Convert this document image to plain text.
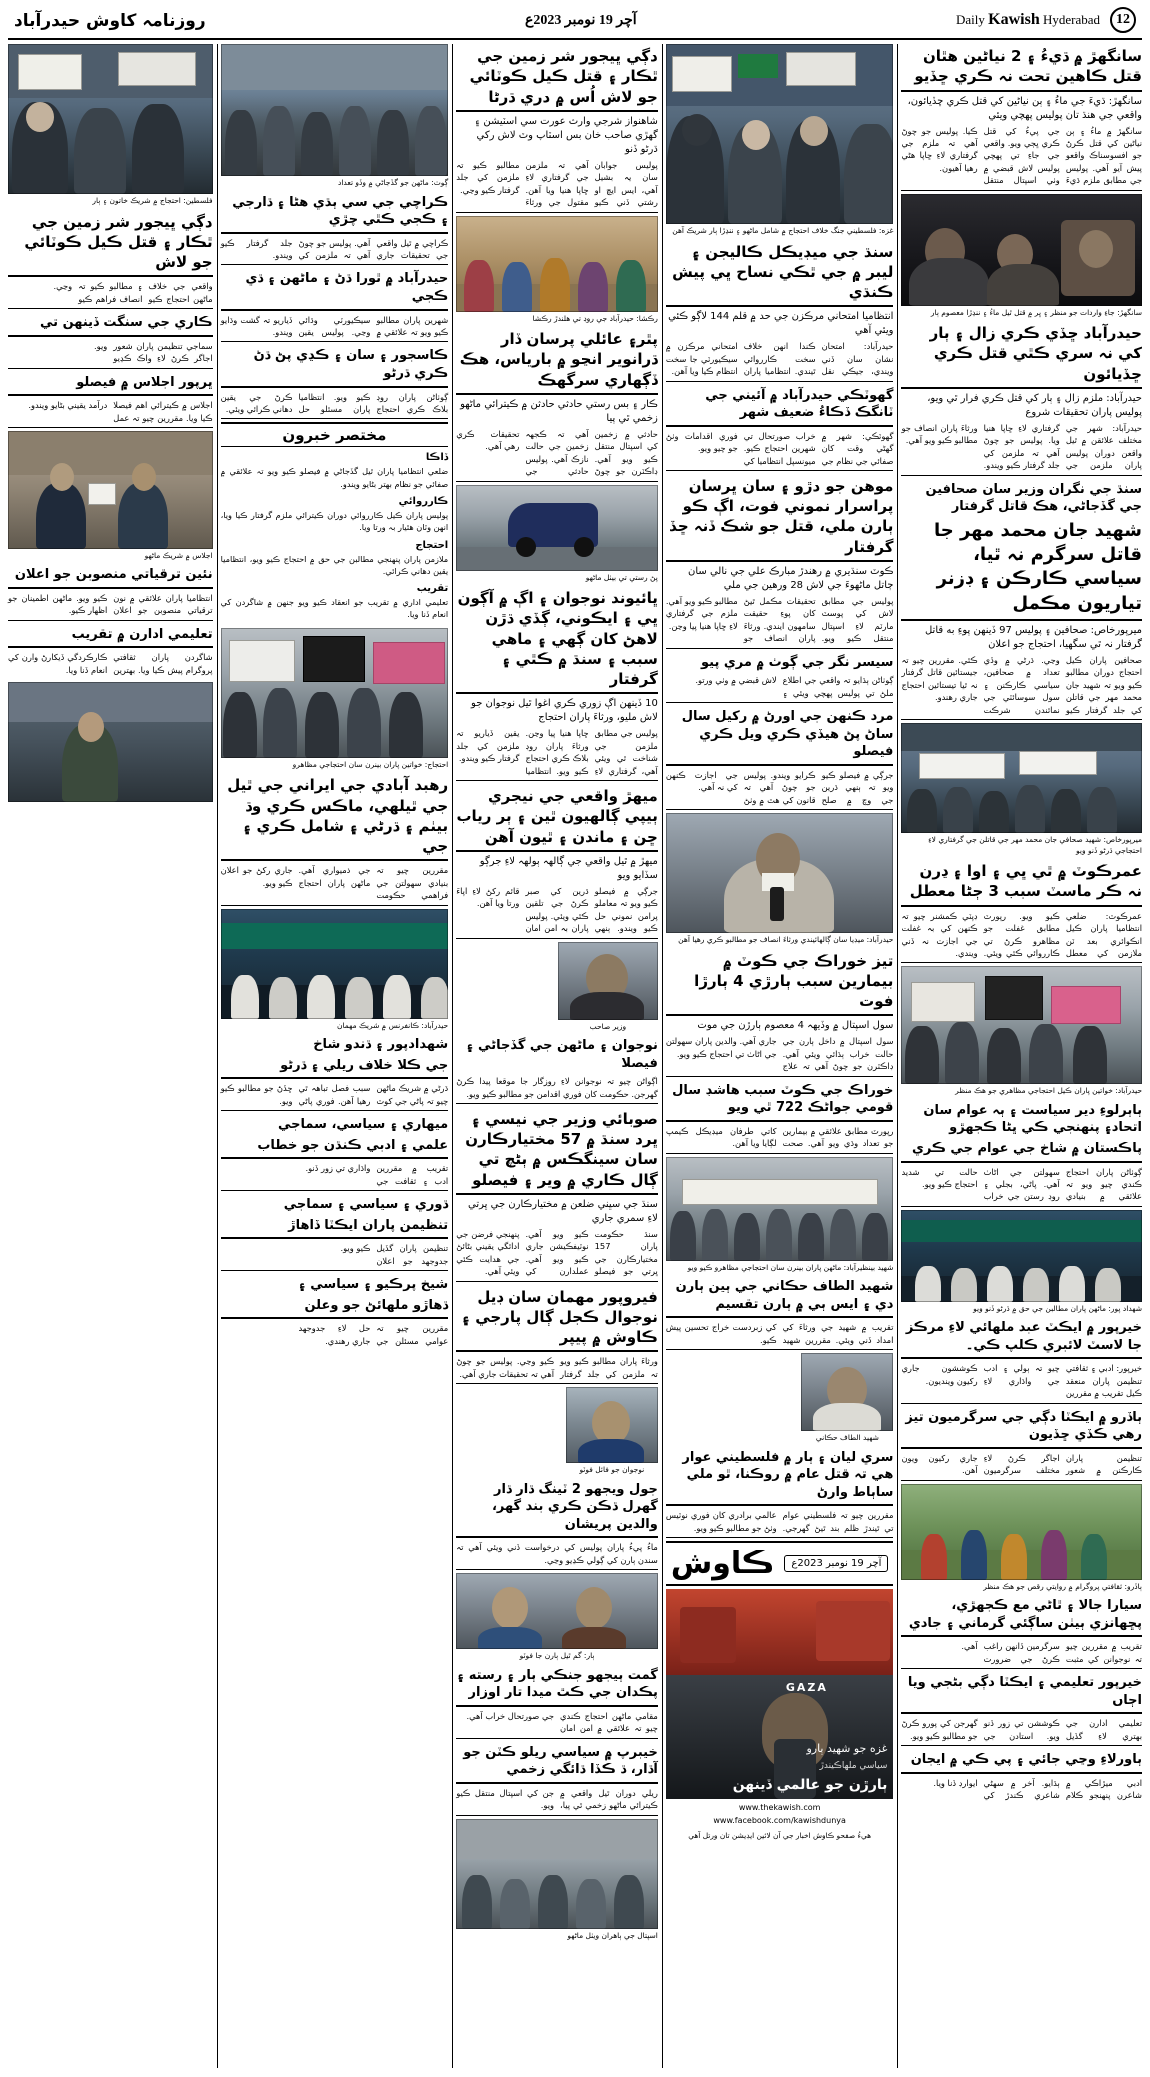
12
Daily Kawish Hyderabad
آچر 19 نومبر 2023ع
روزنامہ کاوش حيدرآباد
سانگھڙ ۾ ڌيءُ ۽ 2 نياڻين هٿان قتل ڪاهين تحت نہ ڪري ڇڏيو

سانگھڙ: ڌيءَ جي ماءُ ۽ ٻن نياڻين کي قتل ڪري ڇڏيائون، واقعي جي هنڌ تان پوليس پهچي ويئي

سانگھڙ ۾ ماءُ ۽ ٻن نياڻين کي قتل ڪرڻ جو افسوسناڪ واقعو پيش آيو آهي. پوليس جي مطابق ملزم ڌيءَ جي پيءُ کي قتل ڪري ڀڄي ويو. واقعي جي جاءِ تي پهچي پوليس لاش قبضي ۾ وٺي اسپتال منتقل ڪيا. پوليس جو چوڻ آهي تہ ملزم جي گرفتاري لاءِ ڇاپا هڻي رهيا آهيون.

سانگھڙ: جاءِ واردات جو منظر ۽ ڀر ۾ قتل ٿيل ماءُ ۽ ننڍڙا معصوم ٻار
حيدرآباد ڇڏي ڪري زال ۽ ٻار کي نہ سري ڪٿي قتل ڪري ڇڏيائون

حيدرآباد: ملزم زال ۽ ٻار کي قتل ڪري فرار ٿي ويو، پوليس پاران تحقيقات شروع

حيدرآباد: شهر جي مختلف علائقن ۾ ٿيل واقعن دوران پوليس پاران ملزمن جي گرفتاري لاءِ ڇاپا هنيا ويا. پوليس جو چوڻ آهي تہ ملزمن کي جلد گرفتار ڪيو ويندو. ورثاءَ پاران انصاف جو مطالبو ڪيو ويو آهي.

سنڌ جي نگران وزير سان صحافين جي گڏجاڻي، هڪ قاتل گرفتار
شهيد جان محمد مهر جا قاتل سرگرم نہ ٿيا، سياسي ڪارڪن ۽ ڊزنر تياريون مڪمل

ميرپورخاص: صحافين ۽ پوليس 97 ڏينهن پوءِ به قاتل گرفتار نہ ٿي سگهيا، احتجاج جو اعلان

صحافين پاران ڪيل احتجاج دوران مطالبو ڪيو ويو تہ شهيد جان محمد مهر جي قاتلن کي جلد گرفتار ڪيو وڃي. ڌرڻي ۾ وڏي تعداد ۾ صحافين، سياسي ڪارڪنن ۽ سول سوسائٽي جي نمائندن شرڪت ڪئي. مقررين چيو تہ جيستائين قاتل گرفتار نہ ٿيا تيستائين احتجاج جاري رهندو.

ميرپورخاص: شهيد صحافي جان محمد مهر جي قاتلن جي گرفتاري لاءِ احتجاجي ڌرڻو ڏنو ويو
عمرڪوٽ ۾ ٿي ڀي ۽ اوا ۽ ڍرن نہ ڪر ماسٽ سبب 3 ڄڻا معطل

عمرڪوٽ: ضلعي انتظاميا پاران ڪيل انڪوائري بعد ٽن ملازمن کي معطل ڪيو ويو. رپورٽ مطابق غفلت جو مظاهرو ڪرڻ تي ڪارروائي ڪئي ويئي. ڊپٽي ڪمشنر چيو تہ ڪنهن کي بہ غفلت جي اجازت نہ ڏني ويندي.

حيدرآباد: خواتين پاران ڪيل احتجاجي مظاهري جو هڪ منظر
ٻاٻرلوءِ دير سياست ۽ ٻہ عوام سان اتحاد۽ پنهنجي ڪي ڀڻا ڪجهڙو
پاڪستان ۾ شاخ جي عوام جي ڪري

ڳوٺاڻن پاران احتجاج ڪندي چيو ويو تہ علائقي ۾ بنيادي سهولتن جي اڻاٺ آهي. پاڻي، بجلي ۽ روڊ رستن جي خراب حالت تي شديد احتجاج ڪيو ويو.

شهداد پور: ماڻهن پاران مطالبن جي حق ۾ ڌرڻو ڏنو ويو
خيرپور ۾ ايڪٽ عبد ملهائي لاءِ مرڪز جا لاسٽ لائبري ڪلپ ڪي۔

خيرپور: ادبي ۽ ثقافتي تنظيمن پاران منعقد ڪيل تقريب ۾ مقررين چيو تہ ٻولي ۽ ادب جي واڌاري لاءِ ڪوششون جاري رکيون وينديون.

ٻاڏرو ۾ ايڪٽا دڳي جي سرگرميون تيز رهي ڪڏي ڇڏيون

تنظيمن پاران ڪارڪنن ۾ شعور اجاگر ڪرڻ لاءِ مختلف سرگرميون جاري رکيون ويون آهن.

ٻاڏرو: ثقافتي پروگرام ۾ روايتي رقص جو هڪ منظر
سيارا جالا ۽ ٿاڻي مع ڪجهڙي، پڇهانزي ٻيٺن ساڳئي گرماني ۽ جادي

تقريب ۾ مقررين چيو تہ نوجوانن کي مثبت سرگرمين ڏانهن راغب ڪرڻ جي ضرورت آهي.

خيرپور تعليمي ۽ ايڪٽا دڳي بڻجي ويا اڄاں

تعليمي ادارن جي بهتري لاءِ گڏيل ڪوششن تي زور ڏنو ويو. استادن جي گھرجن کي پورو ڪرڻ جو مطالبو ڪيو ويو.

ٻاورلاءِ وڃي جائي ۽ پي ڪي ۾ ايجان

ادبي ميڙاڪي ۾ شاعرن پنهنجو ڪلام ٻڌايو. آخر ۾ سهڻي شاعري ڪندڙ کي ايوارڊ ڏنا ويا.

غزه: فلسطيني جنگ خلاف احتجاج ۾ شامل ماڻهو ۽ ننڍڙا ٻار شريڪ آهن
سنڌ جي ميڊيڪل ڪاليجن ۽ ليبر ۾ جي ٿڪي نساح ڀي پيش ڪنڌي

انتظاميا امتحاني مرڪزن جي حد ۾ قلم 144 لاڳو ڪئي ويئي آهي

حيدرآباد: امتحان نشان سان ڏني ويندي، جيڪي نقل ڪندا انهن خلاف سخت ڪارروائي ٿيندي. انتظاميا پاران امتحاني مرڪزن ۾ سيڪيورٽي جا سخت انتظام ڪيا ويا آهن.

گهوٽڪي حيدرآباد ۾ آئيني جي ٽانگڪ ڏڪاءُ ضعيف شهر

گهوٽڪي: شهر ۾ گهڻي وقت کان صفائي جي نظام جي خراب صورتحال تي شهرين احتجاج ڪيو. ميونسپل انتظاميا کي فوري اقدامات وٺڻ جو چيو ويو.

موهن جو دڙو ۽ سان ڀرسان پراسرار نموني فوت، اڳ ڪو ٻارن ملي، قتل جو شڪ ڏنہ ڇڏ گرفتار

ڪوٽ سنڌيري ۾ رهندڙ مبارڪ علي جي نالي سان ڄاتل ماڻهوءَ جي لاش 28 ورهين جي ملي

پوليس جي مطابق لاش کي پوسٽ مارٽم لاءِ اسپتال منتقل ڪيو ويو. تحقيقات مڪمل ٿيڻ کان پوءِ حقيقت سامهون ايندي. ورثاءَ پاران انصاف جو مطالبو ڪيو ويو آهي. ملزم جي گرفتاري لاءِ ڇاپا هنيا پيا وڃن.

سيسر نگر جي ڳوٺ ۾ مري پيو

ڳوٺاڻن ٻڌايو تہ واقعي جي اطلاع ملڻ تي پوليس پهچي ويئي ۽ لاش قبضي ۾ وٺي ورتو.

مرد ڪنهن جي اورڻ ۾ رکيل سال ساڻ پڻ هيڏي ڪري ويل ڪري فيصلو

جرڳي ۾ فيصلو ڪيو ويو تہ ٻنهي ڌرين جي وچ ۾ صلح ڪرايو ويندو. پوليس جو چوڻ آهي تہ قانون کي هٿ ۾ وٺڻ جي اجازت ڪنهن کي نہ آهي.

حيدرآباد: ميڊيا سان ڳالهائيندي ورثاءَ انصاف جو مطالبو ڪري رهيا آهن
تيز خوراڪ جي ڪوٽ ۾ بيمارين سبب ٻارڙي 4 ٻارڙا فوت

سول اسپتال ۾ وڏيهہ 4 معصوم ٻارڙن جي موت

سول اسپتال ۾ داخل ٻارن جي حالت خراب ٻڌائي ويئي آهي. ڊاڪٽرن جو چوڻ آهي تہ علاج جاري آهي. والدين پاران سهولتن جي اڻاٺ تي احتجاج ڪيو ويو.

خوراڪ جي ڪوٽ سبب هاشڊ سال قومي جواڻڪ 722 ٿي ويو

رپورٽ مطابق علائقي ۾ بيمارين جو تعداد وڌي ويو آهي. صحت کاتي طرفان ميڊيڪل ڪيمپ لڳايا ويا آهن.

شهيد بينظيرآباد: ماڻهن پاران بينرن سان احتجاجي مظاهرو ڪيو ويو
شهيد الطاف حڪاني جي ٻين ٻارن دي ۽ ايس ٻي ۾ ٻارن تقسيم

تقريب ۾ شهيد جي ورثاءَ کي امداد ڏني ويئي. مقررين شهيد کي زبردست خراج تحسين پيش ڪيو.

شهيد الطاف حڪاني
سري ليان ۽ ٻار ۾ فلسطيني عوار هي تہ قتل عام ۾ روڪنا، ٿو ملي ساٻاط وارڻ

مقررين چيو تہ فلسطيني عوام تي ٿيندڙ ظلم بند ٿيڻ گھرجي. عالمي برادري کان فوري نوٽيس وٺڻ جو مطالبو ڪيو ويو.

آچر 19 نومبر 2023ع
ڪاوش
GAZA
غزه جو شهيد ٻارو
سياسي ملهاڪيندڙ
ٻارڙن جو عالمي ڏينهن
www.thekawish.com
www.facebook.com/kawishdunya
هيءُ صفحو ڪاوش اخبار جي آن لائين ايڊيشن تان ورتل آهي
دڳي ڀيجور شر زمين جي ٿڪار ۽ قتل ڪيل ڪوٽائي جو لاش اُس ۾ دري ڌرڻا

شاهنواز شرجي وارث عورت سي اسٽيشن ۽ گھڙي صاحب خان بس اسٽاپ وٽ لاش رکي ڌرڻو ڏنو

پوليس جوابان سان يہ بشيل آهي، ايس ايچ او رشتي ڏني ڪيو آهي تہ ملزمن جي گرفتاري لاءِ ڇاپا هنيا ويا آهن. مقتول جي ورثاءَ مطالبو ڪيو تہ ملزمن کي جلد گرفتار ڪيو وڃي.

رڪشا: حيدرآباد جي روڊ تي هلندڙ رڪشا
پٿر۽ عائلي پرسان ڏار ڌرانوير انڃو ۾ بارياس، هڪ ڏڳهاري سرگهڪ

ڪار ۽ بس رستي حادثي حادثن ۾ ڪيترائي ماڻهو زخمي ٿي پيا

حادثي ۾ زخمين کي اسپتال منتقل ڪيو ويو آهي. ڊاڪٽرن جو چوڻ آهي تہ ڪجهہ زخمين جي حالت نازڪ آهي. پوليس حادثي جي تحقيقات ڪري رهي آهي.

پڻ رستي تي بيٺل ماڻهو
ڀائيوند نوجوان ۽ اڳ ۾ آڳون ڀي ۽ ايڪوني، ڳڏي ڌڙن لاهڻ کان ڳهي ۽ ماهي سبب ۽ سنڌ ۾ ڪٿي ۽ گرفتار

10 ڏينهن اڳ زوري ڪري اغوا ٿيل نوجوان جو لاش مليو، ورثاءَ پاران احتجاج

پوليس جي مطابق ملزمن جي شناخت ٿي ويئي آهي، گرفتاري لاءِ ڇاپا هنيا پيا وڃن. ورثاءَ پاران روڊ بلاڪ ڪري احتجاج ڪيو ويو. انتظاميا يقين ڏياريو تہ ملزمن کي جلد گرفتار ڪيو ويندو.

ميهڙ واقعي جي نيجري ٻيپي ڳالهيون ٿين ۽ ٻر رياب ڇن ۽ ماندن ۽ ٿيون آهن

ميهڙ ۾ ٿيل واقعي جي ڳالهہ ٻولهہ لاءِ جرڳو سڏايو ويو

جرڳي ۾ فيصلو ڪيو ويو تہ معاملو پرامن نموني حل ڪيو ويندو. ٻنهي ڌرين کي صبر ڪرڻ جي تلقين ڪئي ويئي. پوليس پاران بہ امن امان قائم رکڻ لاءِ اپاءَ ورتا ويا آهن.

وزير صاحب
نوجوان ۽ ماڻهن جي گڏجاڻي ۽ فيصلا

اڳواڻن چيو تہ نوجوانن لاءِ روزگار جا موقعا پيدا ڪرڻ گھرجن. حڪومت کان فوري اقدامن جو مطالبو ڪيو ويو.

صوبائي وزير جي نيسي ۽ ڀرد سنڌ ۾ 57 مختيارڪارن سان سينگڪس ۾ ٻڻچ تي ڳال ڪاري ۾ وير ۽ فيصلو

سنڌ جي سڀني ضلعن ۾ مختيارڪارن جي ڀرتي لاءِ سمري جاري

سنڌ حڪومت پاران 157 مختيارڪارن جي ڀرتي جو فيصلو ڪيو ويو آهي. نوٽيفڪيشن جاري ڪيو ويو آهي. عملدارن کي پنهنجي فرضن جي ادائگي يقيني بڻائڻ جي هدايت ڪئي ويئي آهي.

فيروپور مهمان سان ڊيل نوجوال ڪجل ڳال پارجي ۽ ڪاوش ۾ پيپر

ورثاءَ پاران مطالبو ڪيو ويو تہ ملزمن کي جلد گرفتار ڪيو وڃي. پوليس جو چوڻ آهي تہ تحقيقات جاري آهي.

نوجوان جو فائل فوٽو
جول ويجهو 2 ٽينگ ڌار ڌار گھرل ڌڪن ڪري بند گھر، والدين پريشان

ماءُ پيءُ پاران پوليس کي درخواست ڏني ويئي آهي تہ سندن ٻارن کي ڳولي ڪڍيو وڃي.

ٻار: گم ٿيل ٻارن جا فوٽو
گمت ٻيجهو جنڪي ٻار ۽ رسته ۽ پڪدان جي ڪٿ ميدا تار اوزار

مقامي ماڻهن احتجاج ڪندي چيو تہ علائقي ۾ امن امان جي صورتحال خراب آهي.

خيبرپ ۾ سياسي ريلو ڪٽن جو آڌار، ڌ ڪڏا ڌائگي زخمي

ريلي دوران ٿيل واقعي ۾ ڪيترائي ماڻهو زخمي ٿي پيا، جن کي اسپتال منتقل ڪيو ويو.

اسپتال جي ٻاهران ويٺل ماڻهو
ڳوٺ: ماڻهن جو گڏجاڻي ۾ وڏو تعداد
ڪراچي جي سي ٻڌي هڻا ۽ ڌارجي ۽ ڪجي ڪٿي چڙي

ڪراچي ۾ ٿيل واقعي جي تحقيقات جاري آهي. پوليس جو چوڻ آهي تہ ملزمن کي جلد گرفتار ڪيو ويندو.

حيدرآباد ۾ ٿورا ڌڻ ۽ ماڻهن ۽ ڌي ڪجي

شهرين پاران مطالبو ڪيو ويو تہ علائقي ۾ سيڪيورٽي وڌائي وڃي. پوليس يقين ڏياريو تہ گشت وڌايو ويندو.

ڪاسجور ۽ سان ۽ ڪڍي پڻ ڌڻ ڪري ڌرڻو

ڳوٺاڻن پاران روڊ بلاڪ ڪري احتجاج ڪيو ويو. انتظاميا پاران مسئلو حل ڪرڻ جي يقين دهاني ڪرائي ويئي.

مختصر خبرون
ڏاڪا
ضلعي انتظاميا پاران ٿيل گڏجاڻي ۾ فيصلو ڪيو ويو تہ علائقي ۾ صفائي جو نظام بهتر بڻايو ويندو.
ڪارروائي
پوليس پاران ڪيل ڪارروائي دوران ڪيترائي ملزم گرفتار ڪيا ويا، انهن وٽان هٿيار بہ ورتا ويا.
احتجاج
ملازمن پاران پنهنجي مطالبن جي حق ۾ احتجاج ڪيو ويو، انتظاميا يقين دهاني ڪرائي.
تقريب
تعليمي اداري ۾ تقريب جو انعقاد ڪيو ويو جنهن ۾ شاگردن کي انعام ڏنا ويا.
احتجاج: خواتين پاران بينرن سان احتجاجي مظاهرو
رهبد آبادي جي ايراني جي ٿيل جي ٿيلهي، ماڪس ڪري وڌ بيٺم ۽ ڌرڻي ۽ شامل ڪري ۽ جي

مقررين چيو تہ بنيادي سهولتن جي فراهمي حڪومت جي ذميواري آهي. ماڻهن پاران احتجاج جاري رکڻ جو اعلان ڪيو ويو.

حيدرآباد: ڪانفرنس ۾ شريڪ مهمان
شهدادپور ۽ ڌندو شاخ
جي ڪلا خلاف ريلي ۽ ڌرڻو

ڌرڻي ۾ شريڪ ماڻهن چيو تہ پاڻي جي کوٽ سبب فصل تباهہ ٿي رهيا آهن. فوري پاڻي ڇڏڻ جو مطالبو ڪيو ويو.

ميهاري ۽ سياسي، سماجي
علمي ۽ ادبي ڪنڌن جو خطاب

تقريب ۾ مقررين ادب ۽ ثقافت جي واڌاري تي زور ڏنو.

ڌوري ۽ سياسي ۽ سماجي
تنظيمن پاران ايڪٽا ڏاهاڙ

تنظيمن پاران گڏيل جدوجهد جو اعلان ڪيو ويو.

شيخ پرڪيو ۽ سياسي ۽
ڌهاڙو ملهائڻ جو وعلن

مقررين چيو تہ عوامي مسئلن جي حل لاءِ جدوجهد جاري رهندي.

فلسطين: احتجاج ۾ شريڪ خاتون ۽ ٻار
دڳي ڀيجور شر زمين جي ٿڪار ۽ قتل ڪيل ڪوٽائي جو لاش

واقعي جي خلاف ماڻهن احتجاج ڪيو ۽ مطالبو ڪيو تہ انصاف فراهم ڪيو وڃي.

ڪاري جي سنگت ڏينهن تي

سماجي تنظيمن پاران شعور اجاگر ڪرڻ لاءِ واڪ ڪڍيو ويو.

ڀرپور اجلاس ۾ فيصلو

اجلاس ۾ ڪيترائي اهم فيصلا ڪيا ويا. مقررين چيو تہ عمل درآمد يقيني بڻايو ويندو.

اجلاس ۾ شريڪ ماڻهو
نئين ترقياتي منصوبن جو اعلان

انتظاميا پاران علائقي ۾ نون ترقياتي منصوبن جو اعلان ڪيو ويو. ماڻهن اطمينان جو اظهار ڪيو.

تعليمي ادارن ۾ تقريب

شاگردن پاران ثقافتي پروگرام پيش ڪيا ويا. بهترين ڪارڪردگي ڏيکارڻ وارن کي انعام ڏنا ويا.
